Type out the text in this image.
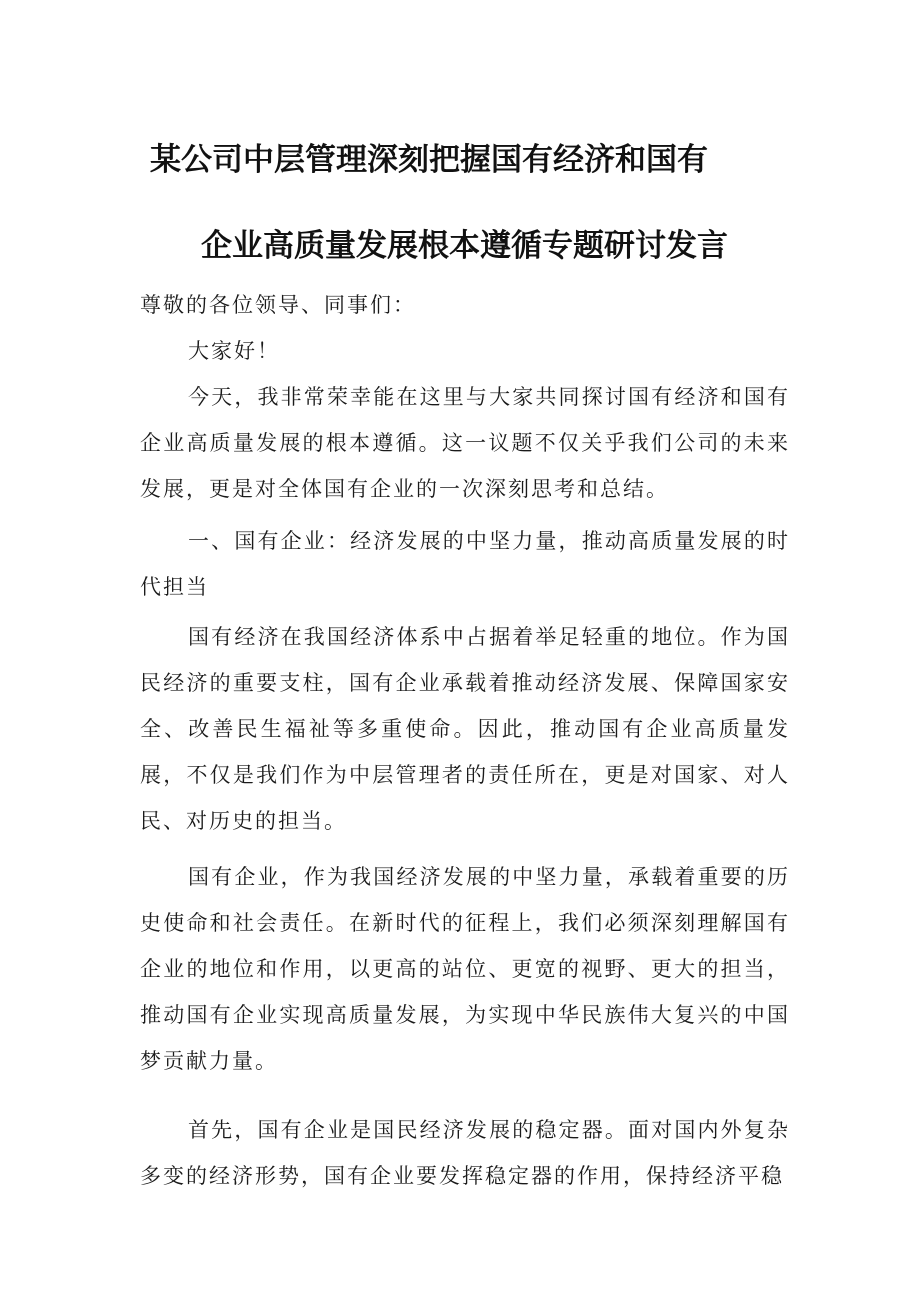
某公司中层管理深刻把握国有经济和国有
企业高质量发展根本遵循专题研讨发言

尊敬的各位领导、同事们：

大家好！

今天，我非常荣幸能在这里与大家共同探讨国有经济和国有企业高质量发展的根本遵循。这一议题不仅关乎我们公司的未来发展，更是对全体国有企业的一次深刻思考和总结。

一、国有企业：经济发展的中坚力量，推动高质量发展的时代担当

国有经济在我国经济体系中占据着举足轻重的地位。作为国民经济的重要支柱，国有企业承载着推动经济发展、保障国家安全、改善民生福祉等多重使命。因此，推动国有企业高质量发展，不仅是我们作为中层管理者的责任所在，更是对国家、对人民、对历史的担当。

国有企业，作为我国经济发展的中坚力量，承载着重要的历史使命和社会责任。在新时代的征程上，我们必须深刻理解国有企业的地位和作用，以更高的站位、更宽的视野、更大的担当，推动国有企业实现高质量发展，为实现中华民族伟大复兴的中国梦贡献力量。

首先，国有企业是国民经济发展的稳定器。面对国内外复杂多变的经济形势，国有企业要发挥稳定器的作用，保持经济平稳
